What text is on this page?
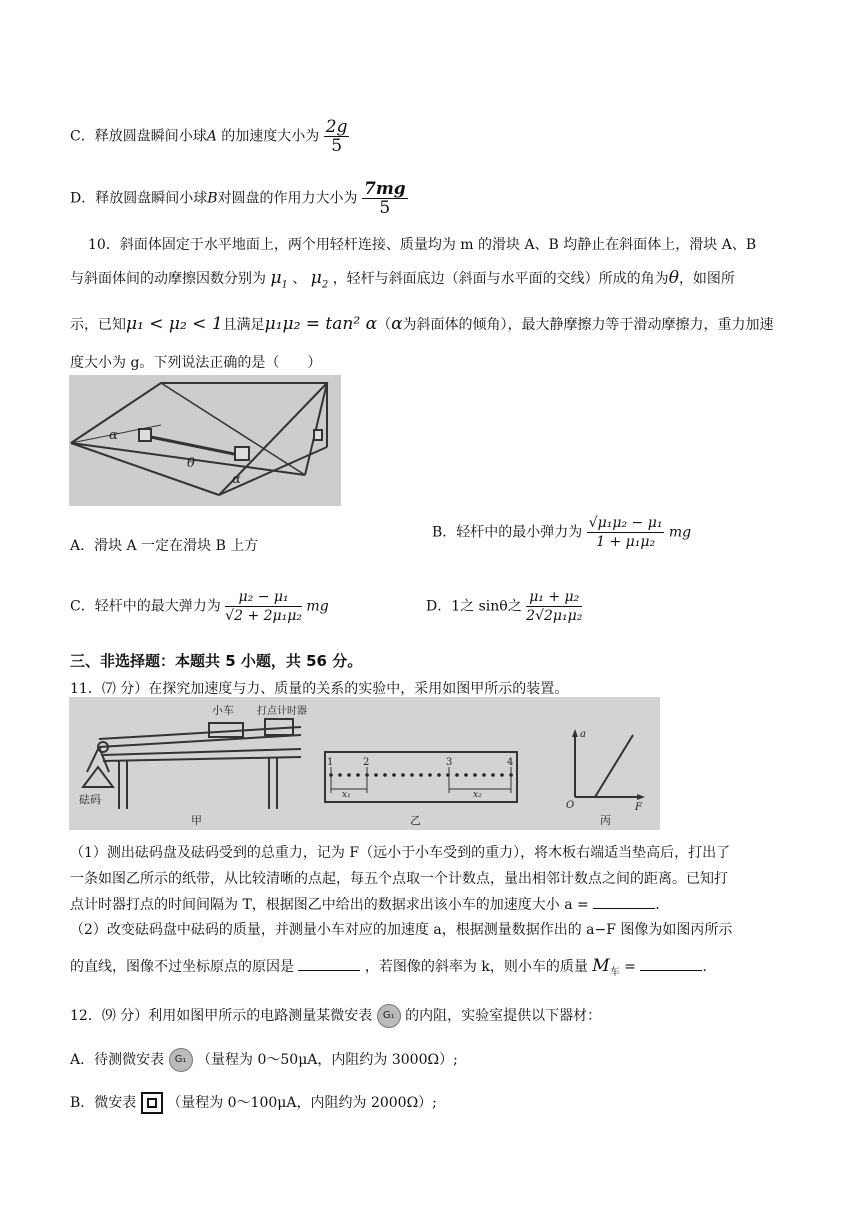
C．释放圆盘瞬间小球A 的加速度大小为 $\frac{2g}{5}$
D．释放圆盘瞬间小球B对圆盘的作用力大小为 $\frac{7mg}{5}$
10．斜面体固定于水平地面上，两个用轻杆连接、质量均为 m 的滑块 A、B 均静止在斜面体上，滑块 A、B
与斜面体间的动摩擦因数分别为 $\mu_1$ 、 $\mu_2$ ，轻杆与斜面底边（斜面与水平面的交线）所成的角为θ，如图所
示，已知μ₁ < μ₂ < 1且满足μ₁μ₂ = tan² α（α为斜面体的倾角），最大静摩擦力等于滑动摩擦力，重力加速
度大小为 g。下列说法正确的是（　　）
α
θ
α
A．滑块 A 一定在滑块 B 上方
B．轻杆中的最小弹力为 $\frac{\text{√μ₁μ₂ − μ₁}}{\text{1 + μ₁μ₂}}$ mg
C．轻杆中的最大弹力为 $\frac{\text{μ₂ − μ₁}}{\text{√2 + 2μ₁μ₂}}$ mg	D．1之 sinθ之 $\frac{\text{μ₁ + μ₂}}{\text{2√2μ₁μ₂}}$
三、非选择题：本题共 5 小题，共 56 分。
11．⑺ 分）在探究加速度与力、质量的关系的实验中，采用如图甲所示的装置。
小车 打点计时器
砝码
甲
1	2	3	4
x₁	x₂
乙
a
O	F
丙
（1）测出砝码盘及砝码受到的总重力，记为 F（远小于小车受到的重力），将木板右端适当垫高后，打出了
一条如图乙所示的纸带，从比较清晰的点起，每五个点取一个计数点，量出相邻计数点之间的距离。已知打
点计时器打点的时间间隔为 T，根据图乙中给出的数据求出该小车的加速度大小 a =	.
（2）改变砝码盘中砝码的质量，并测量小车对应的加速度 a，根据测量数据作出的 a−F 图像为如图丙所示
的直线，图像不过坐标原点的原因是	，若图像的斜率为 k，则小车的质量 $M_车$ =	.
12．⑼ 分）利用如图甲所示的电路测量某微安表 G₁ 的内阻，实验室提供以下器材：
A．待测微安表 G₁ （量程为 0～50μA，内阻约为 3000Ω）;
B．微安表 （量程为 0～100μA，内阻约为 2000Ω）;
